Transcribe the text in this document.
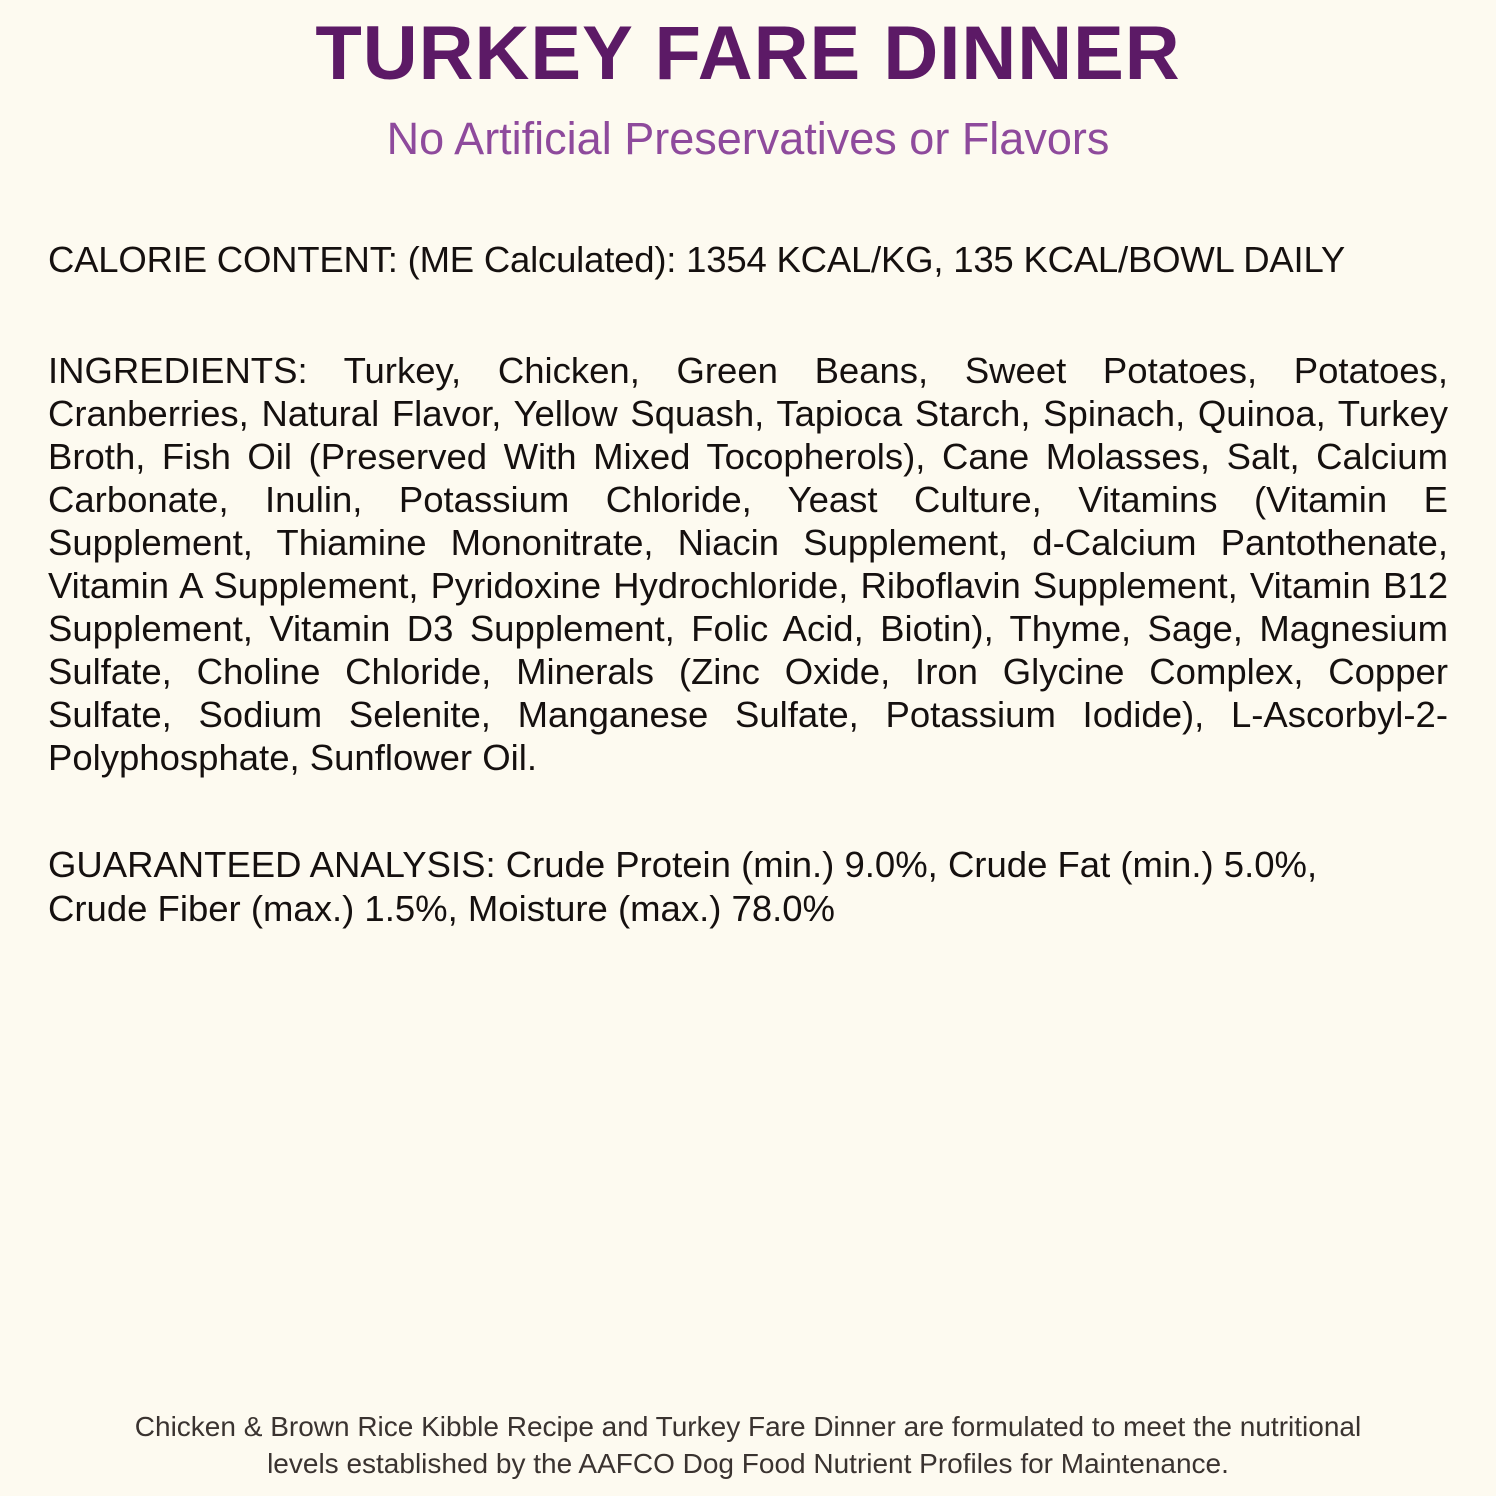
TURKEY FARE DINNER
No Artificial Preservatives or Flavors
CALORIE CONTENT: (ME Calculated): 1354 KCAL/KG, 135 KCAL/BOWL DAILY
INGREDIENTS: Turkey, Chicken, Green Beans, Sweet Potatoes, Potatoes, Cranberries, Natural Flavor, Yellow Squash, Tapioca Starch, Spinach, Quinoa, Turkey Broth, Fish Oil (Preserved With Mixed Tocopherols), Cane Molasses, Salt, Calcium Carbonate, Inulin, Potassium Chloride, Yeast Culture, Vitamins (Vitamin E Supplement, Thiamine Mononitrate, Niacin Supplement, d-Calcium Pantothenate, Vitamin A Supplement, Pyridoxine Hydrochloride, Riboflavin Supplement, Vitamin B12 Supplement, Vitamin D3 Supplement, Folic Acid, Biotin), Thyme, Sage, Magnesium Sulfate, Choline Chloride, Minerals (Zinc Oxide, Iron Glycine Complex, Copper Sulfate, Sodium Selenite, Manganese Sulfate, Potassium Iodide), L-Ascorbyl-2-Polyphosphate, Sunflower Oil.
GUARANTEED ANALYSIS: Crude Protein (min.) 9.0%, Crude Fat (min.) 5.0%,
Crude Fiber (max.) 1.5%, Moisture (max.) 78.0%
Chicken & Brown Rice Kibble Recipe and Turkey Fare Dinner are formulated to meet the nutritional
levels established by the AAFCO Dog Food Nutrient Profiles for Maintenance.
